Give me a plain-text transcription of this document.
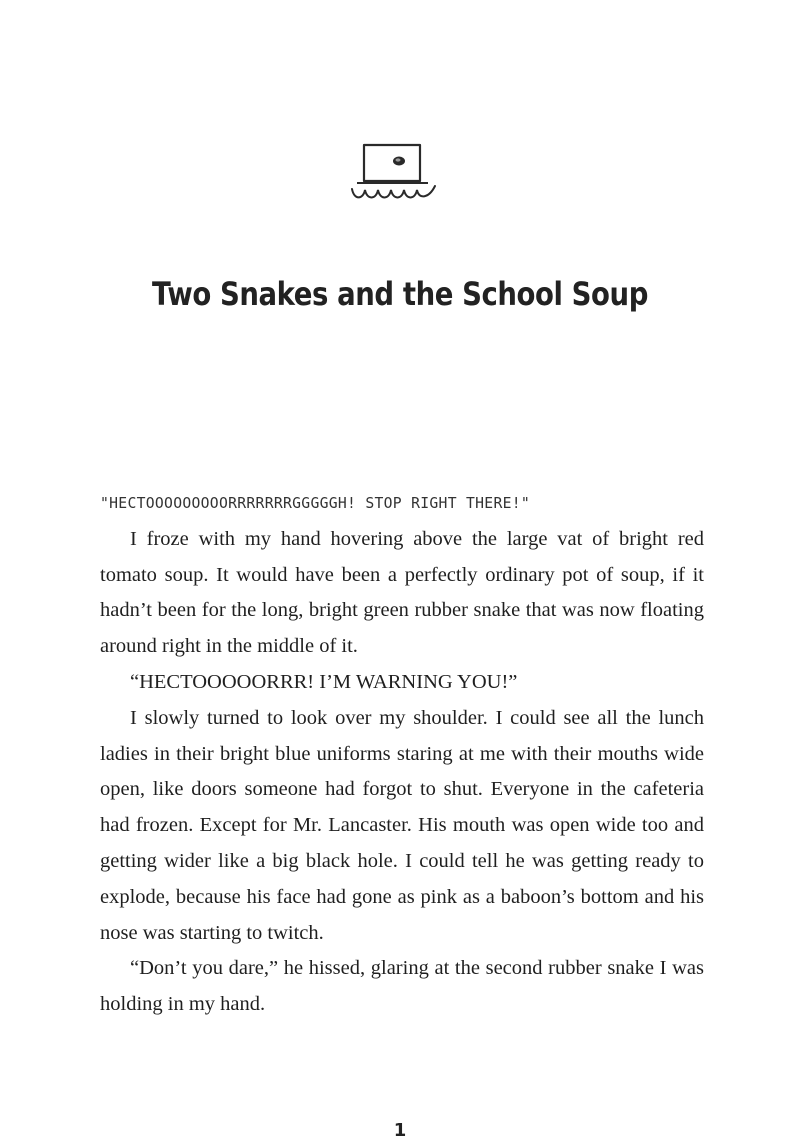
Two Snakes and the School Soup

"HECTOOOOOOOOORRRRRRRGGGGGH! STOP RIGHT THERE!"

I froze with my hand hovering above the large vat of bright red tomato soup. It would have been a perfectly ordinary pot of soup, if it hadn’t been for the long, bright green rubber snake that was now floating around right in the middle of it.

“HECTOOOOORRR! I’M WARNING YOU!”

I slowly turned to look over my shoulder. I could see all the lunch ladies in their bright blue uniforms staring at me with their mouths wide open, like doors someone had forgot to shut. Everyone in the cafeteria had frozen. Except for Mr. Lancaster. His mouth was open wide too and getting wider like a big black hole. I could tell he was getting ready to explode, because his face had gone as pink as a baboon’s bottom and his nose was starting to twitch.

“Don’t you dare,” he hissed, glaring at the second rubber snake I was holding in my hand.

1
